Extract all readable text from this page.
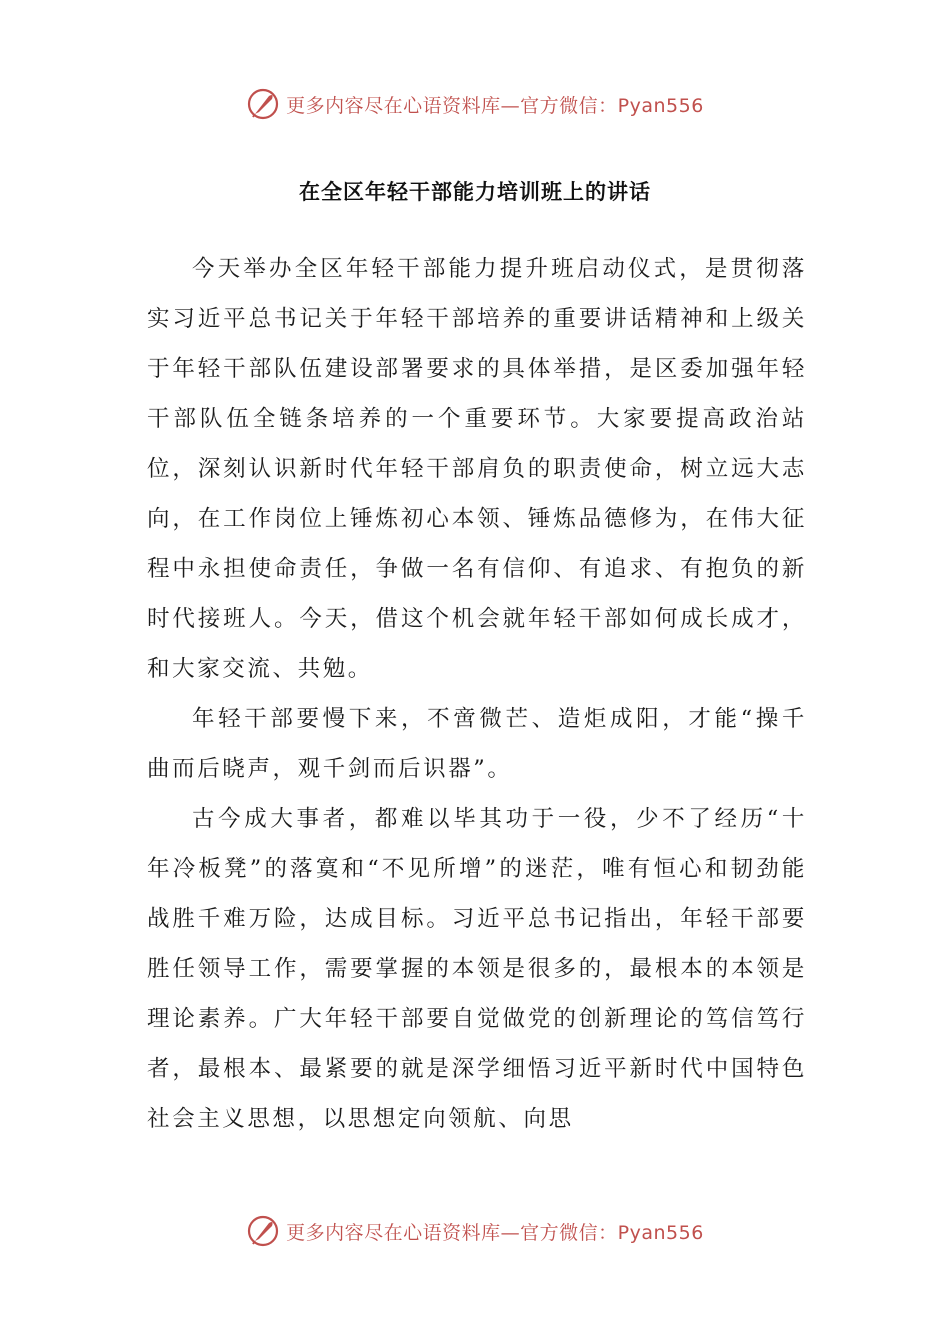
更多内容尽在心语资料库—官方微信：Pyan556
在全区年轻干部能力培训班上的讲话

今天举办全区年轻干部能力提升班启动仪式，是贯彻落实习近平总书记关于年轻干部培养的重要讲话精神和上级关于年轻干部队伍建设部署要求的具体举措，是区委加强年轻干部队伍全链条培养的一个重要环节。大家要提高政治站位，深刻认识新时代年轻干部肩负的职责使命，树立远大志向，在工作岗位上锤炼初心本领、锤炼品德修为，在伟大征程中永担使命责任，争做一名有信仰、有追求、有抱负的新时代接班人。今天，借这个机会就年轻干部如何成长成才，和大家交流、共勉。

年轻干部要慢下来，不啻微芒、造炬成阳，才能“操千曲而后晓声，观千剑而后识器”。

古今成大事者，都难以毕其功于一役，少不了经历“十年冷板凳”的落寞和“不见所增”的迷茫，唯有恒心和韧劲能战胜千难万险，达成目标。习近平总书记指出，年轻干部要胜任领导工作，需要掌握的本领是很多的，最根本的本领是理论素养。广大年轻干部要自觉做党的创新理论的笃信笃行者，最根本、最紧要的就是深学细悟习近平新时代中国特色社会主义思想，以思想定向领航、向思

更多内容尽在心语资料库—官方微信：Pyan556
